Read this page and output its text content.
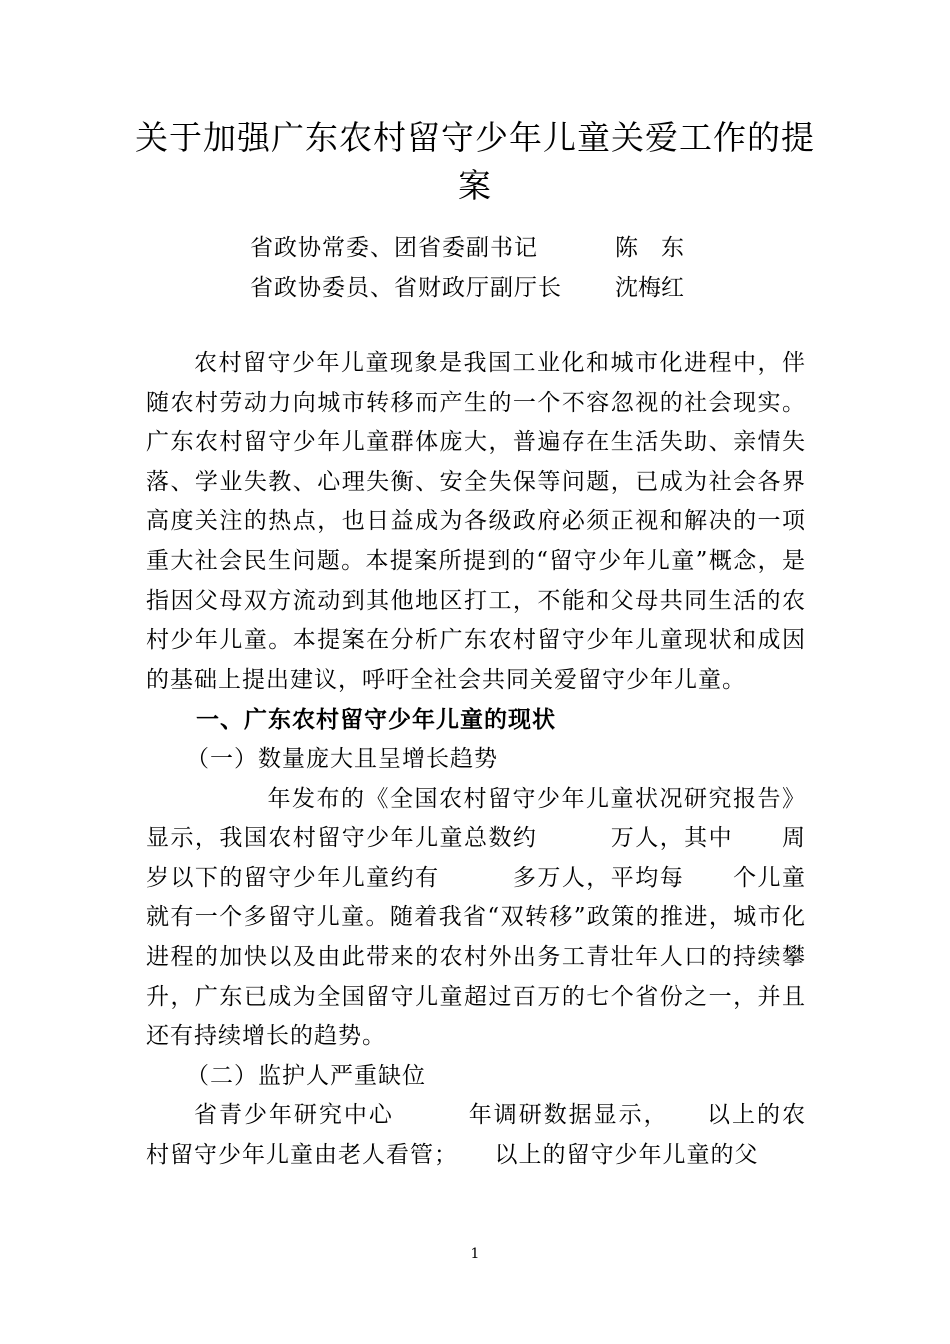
关于加强广东农村留守少年儿童关爱工作的提案
省政协常委、团省委副书记	陈　东
省政协委员、省财政厅副厅长 沈梅红

农村留守少年儿童现象是我国工业化和城市化进程中，伴随农村劳动力向城市转移而产生的一个不容忽视的社会现实。广东农村留守少年儿童群体庞大，普遍存在生活失助、亲情失落、学业失教、心理失衡、安全失保等问题，已成为社会各界高度关注的热点，也日益成为各级政府必须正视和解决的一项重大社会民生问题。本提案所提到的“留守少年儿童”概念，是指因父母双方流动到其他地区打工，不能和父母共同生活的农村少年儿童。本提案在分析广东农村留守少年儿童现状和成因的基础上提出建议，呼吁全社会共同关爱留守少年儿童。

一、广东农村留守少年儿童的现状

（一）数量庞大且呈增长趋势

　　　年发布的《全国农村留守少年儿童状况研究报告》显示，我国农村留守少年儿童总数约　　　万人，其中　　周岁以下的留守少年儿童约有　　　多万人，平均每　　个儿童就有一个多留守儿童。随着我省“双转移”政策的推进，城市化进程的加快以及由此带来的农村外出务工青壮年人口的持续攀升，广东已成为全国留守儿童超过百万的七个省份之一，并且还有持续增长的趋势。

（二）监护人严重缺位

省青少年研究中心　　　年调研数据显示，　　以上的农村留守少年儿童由老人看管；　　以上的留守少年儿童的父

1
